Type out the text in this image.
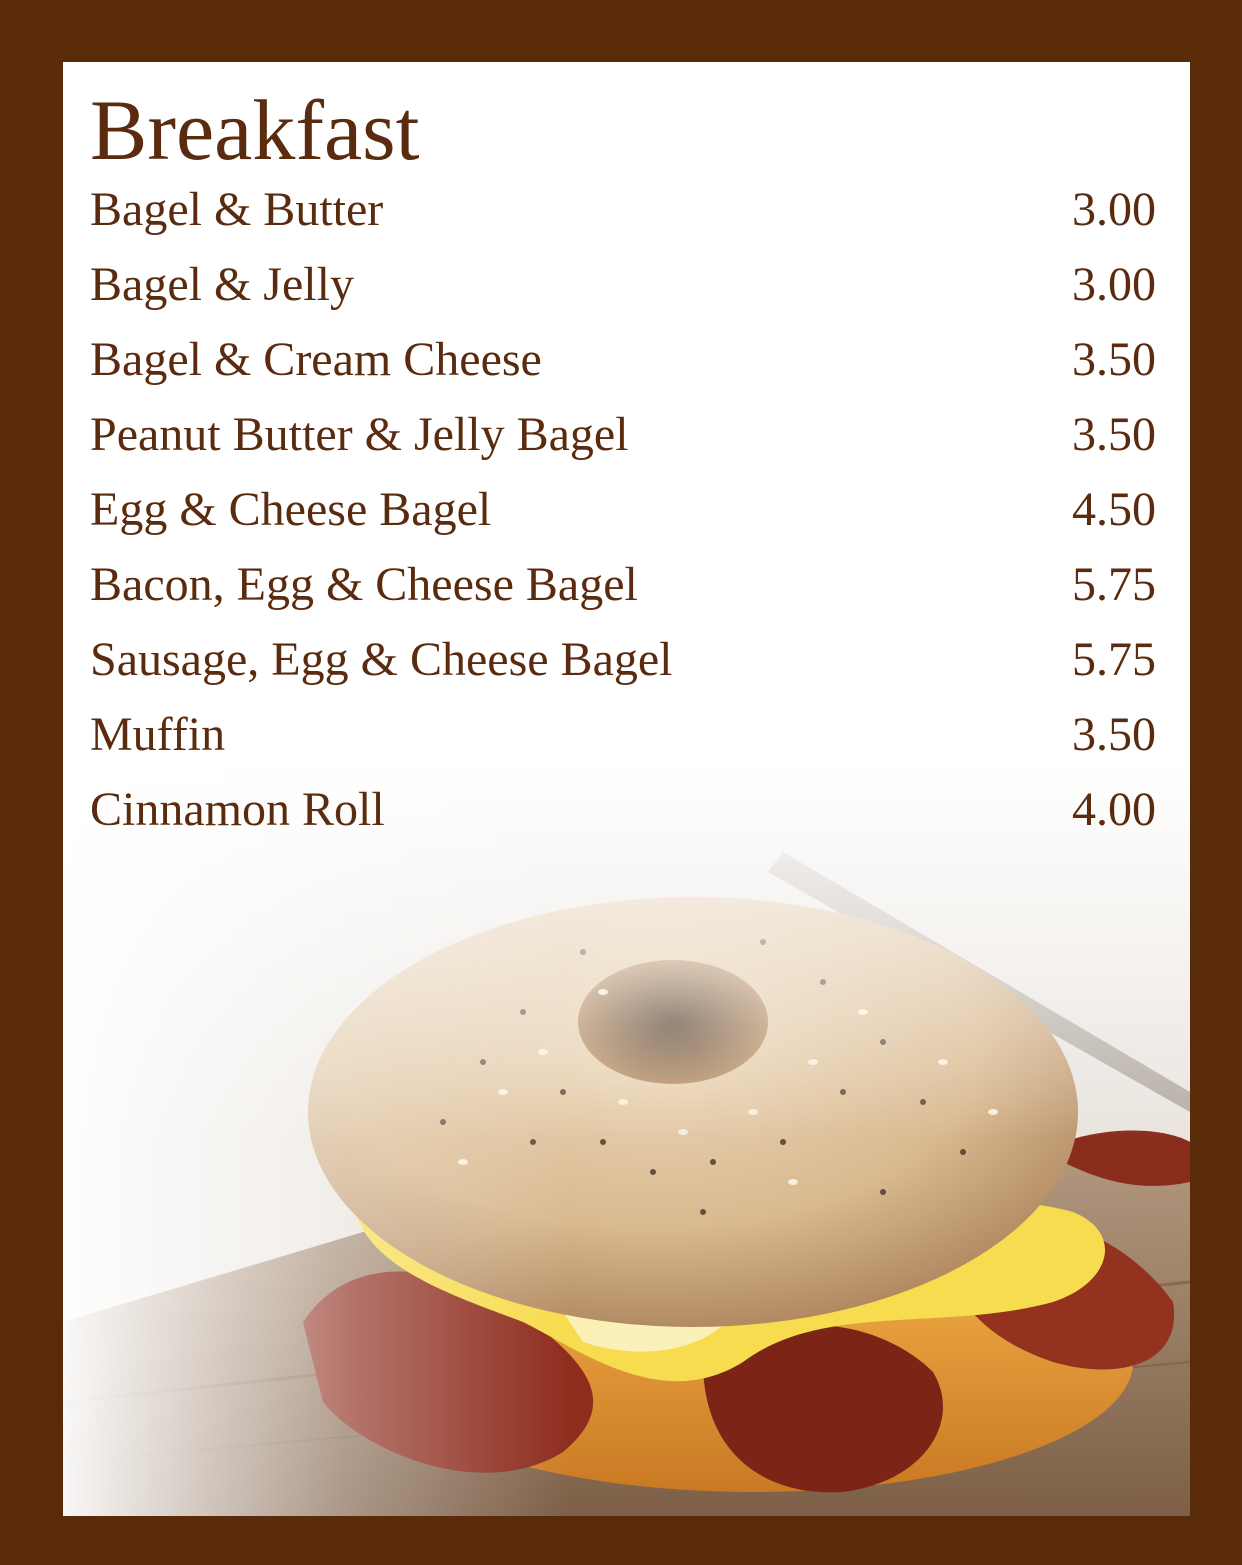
Breakfast
Bagel & Butter	3.00
Bagel & Jelly	3.00
Bagel & Cream Cheese	3.50
Peanut Butter & Jelly Bagel	3.50
Egg & Cheese Bagel	4.50
Bacon, Egg & Cheese Bagel	5.75
Sausage, Egg & Cheese Bagel	5.75
Muffin	3.50
Cinnamon Roll	4.00
